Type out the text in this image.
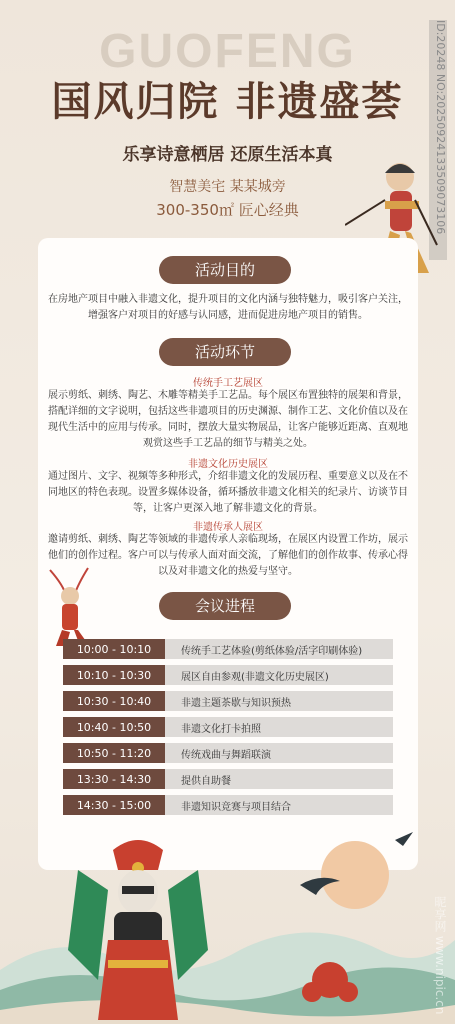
GUOFENG
国风归院 非遗盛荟
乐享诗意栖居 还原生活本真
智慧美宅 某某城旁
300-350㎡ 匠心经典	ID:20248 NO:20250924133509073106
活动目的
在房地产项目中融入非遗文化，提升项目的文化内涵与独特魅力，吸引客户关注，增强客户对项目的好感与认同感，进而促进房地产项目的销售。
活动环节
传统手工艺展区
展示剪纸、刺绣、陶艺、木雕等精美手工艺品。每个展区布置独特的展架和背景，搭配详细的文字说明，包括这些非遗项目的历史渊源、制作工艺、文化价值以及在现代生活中的应用与传承。同时，摆放大量实物展品，让客户能够近距离、直观地观赏这些手工艺品的细节与精美之处。
非遗文化历史展区
通过图片、文字、视频等多种形式，介绍非遗文化的发展历程、重要意义以及在不同地区的特色表现。设置多媒体设备，循环播放非遗文化相关的纪录片、访谈节目等，让客户更深入地了解非遗文化的背景。
非遗传承人展区
邀请剪纸、刺绣、陶艺等领域的非遗传承人亲临现场，在展区内设置工作坊，展示他们的创作过程。客户可以与传承人面对面交流，了解他们的创作故事、传承心得以及对非遗文化的热爱与坚守。
会议进程
10:00 - 10:10	传统手工艺体验(剪纸体验/活字印刷体验)
10:10 - 10:30	展区自由参观(非遗文化历史展区)
10:30 - 10:40	非遗主题茶歇与知识预热
10:40 - 10:50	非遗文化打卡拍照
10:50 - 11:20	传统戏曲与舞蹈联演
13:30 - 14:30	提供自助餐
14:30 - 15:00	非遗知识竞赛与项目结合
昵享网 www.nipic.cn
